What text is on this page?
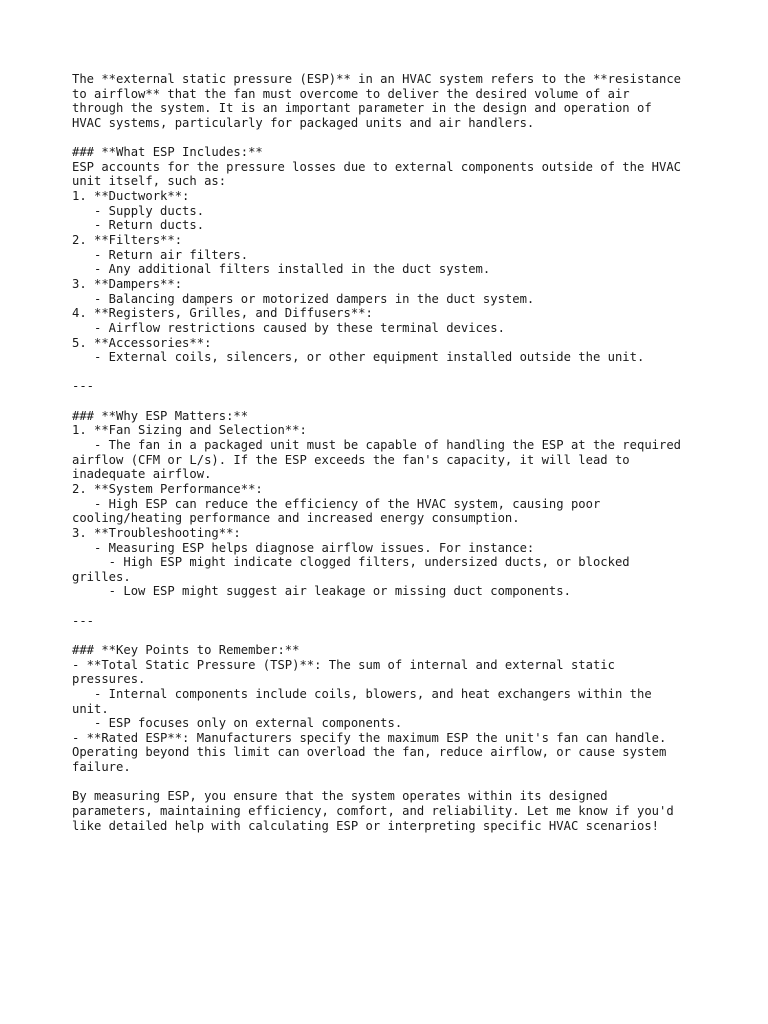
The **external static pressure (ESP)** in an HVAC system refers to the **resistance
to airflow** that the fan must overcome to deliver the desired volume of air
through the system. It is an important parameter in the design and operation of
HVAC systems, particularly for packaged units and air handlers.
### **What ESP Includes:**
ESP accounts for the pressure losses due to external components outside of the HVAC
unit itself, such as:
1. **Ductwork**:
- Supply ducts.
- Return ducts.
2. **Filters**:
- Return air filters.
- Any additional filters installed in the duct system.
3. **Dampers**:
- Balancing dampers or motorized dampers in the duct system.
4. **Registers, Grilles, and Diffusers**:
- Airflow restrictions caused by these terminal devices.
5. **Accessories**:
- External coils, silencers, or other equipment installed outside the unit.
---
### **Why ESP Matters:**
1. **Fan Sizing and Selection**:
- The fan in a packaged unit must be capable of handling the ESP at the required
airflow (CFM or L/s). If the ESP exceeds the fan's capacity, it will lead to
inadequate airflow.
2. **System Performance**:
- High ESP can reduce the efficiency of the HVAC system, causing poor
cooling/heating performance and increased energy consumption.
3. **Troubleshooting**:
- Measuring ESP helps diagnose airflow issues. For instance:
- High ESP might indicate clogged filters, undersized ducts, or blocked
grilles.
- Low ESP might suggest air leakage or missing duct components.
---
### **Key Points to Remember:**
- **Total Static Pressure (TSP)**: The sum of internal and external static
pressures.
- Internal components include coils, blowers, and heat exchangers within the
unit.
- ESP focuses only on external components.
- **Rated ESP**: Manufacturers specify the maximum ESP the unit's fan can handle.
Operating beyond this limit can overload the fan, reduce airflow, or cause system
failure.
By measuring ESP, you ensure that the system operates within its designed
parameters, maintaining efficiency, comfort, and reliability. Let me know if you'd
like detailed help with calculating ESP or interpreting specific HVAC scenarios!
